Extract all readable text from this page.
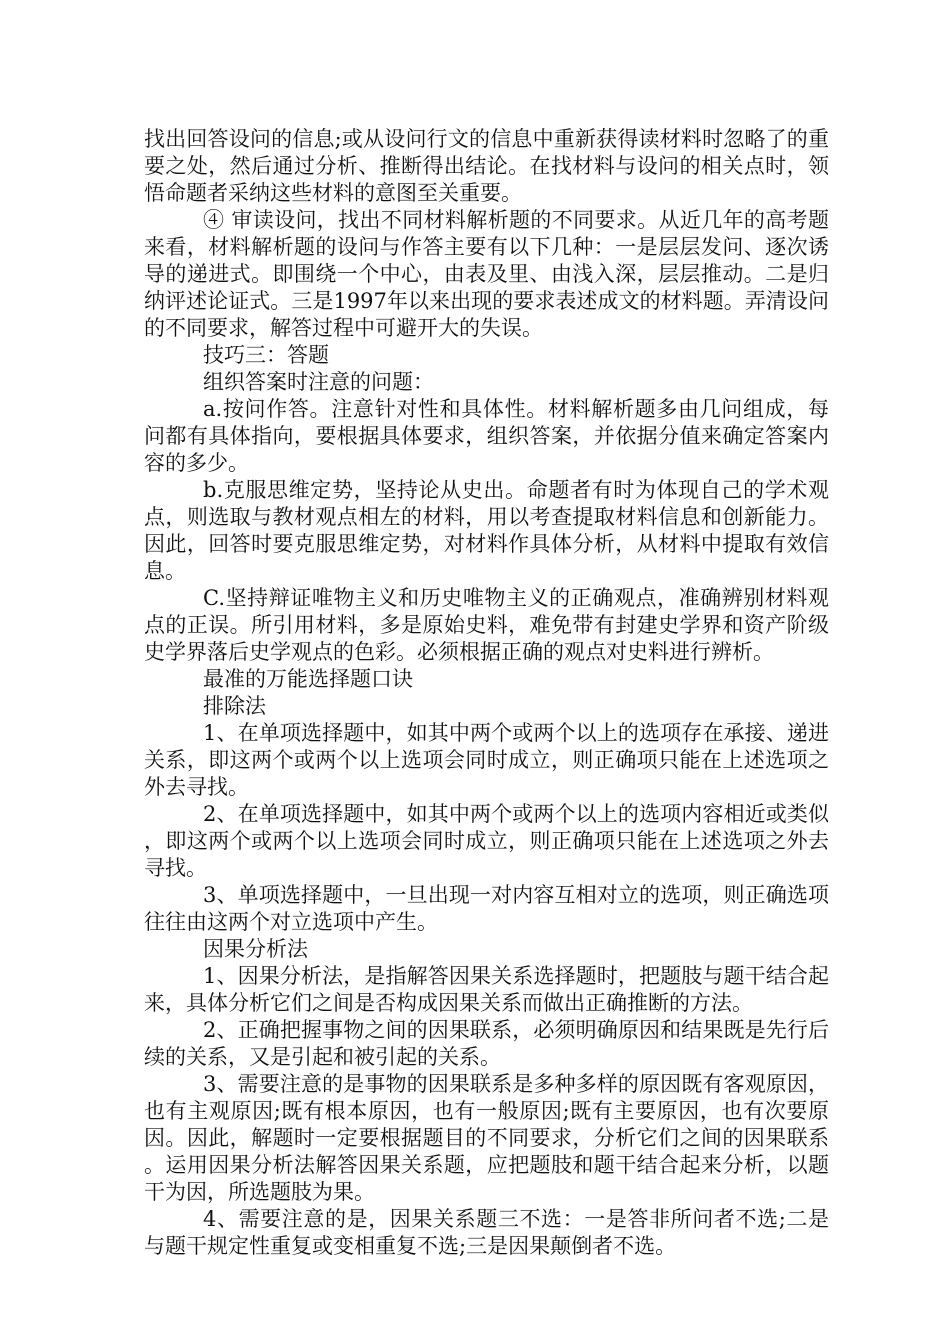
找出回答设问的信息;或从设问行文的信息中重新获得读材料时忽略了的重要之处，然后通过分析、推断得出结论。在找材料与设问的相关点时，领悟命题者采纳这些材料的意图至关重要。

④ 审读设问，找出不同材料解析题的不同要求。从近几年的高考题来看，材料解析题的设问与作答主要有以下几种：一是层层发问、逐次诱导的递进式。即围绕一个中心，由表及里、由浅入深，层层推动。二是归纳评述论证式。三是1997年以来出现的要求表述成文的材料题。弄清设问的不同要求，解答过程中可避开大的失误。

技巧三：答题

组织答案时注意的问题：

a.按问作答。注意针对性和具体性。材料解析题多由几问组成，每问都有具体指向，要根据具体要求，组织答案，并依据分值来确定答案内容的多少。

b.克服思维定势，坚持论从史出。命题者有时为体现自己的学术观点，则选取与教材观点相左的材料，用以考查提取材料信息和创新能力。因此，回答时要克服思维定势，对材料作具体分析，从材料中提取有效信息。

C.坚持辩证唯物主义和历史唯物主义的正确观点，准确辨别材料观点的正误。所引用材料，多是原始史料，难免带有封建史学界和资产阶级史学界落后史学观点的色彩。必须根据正确的观点对史料进行辨析。

最准的万能选择题口诀

排除法

1、在单项选择题中，如其中两个或两个以上的选项存在承接、递进关系，即这两个或两个以上选项会同时成立，则正确项只能在上述选项之外去寻找。

2、在单项选择题中，如其中两个或两个以上的选项内容相近或类似，即这两个或两个以上选项会同时成立，则正确项只能在上述选项之外去寻找。

3、单项选择题中，一旦出现一对内容互相对立的选项，则正确选项往往由这两个对立选项中产生。

因果分析法

1、因果分析法，是指解答因果关系选择题时，把题肢与题干结合起来，具体分析它们之间是否构成因果关系而做出正确推断的方法。

2、正确把握事物之间的因果联系，必须明确原因和结果既是先行后续的关系，又是引起和被引起的关系。

3、需要注意的是事物的因果联系是多种多样的原因既有客观原因，也有主观原因;既有根本原因，也有一般原因;既有主要原因，也有次要原因。因此，解题时一定要根据题目的不同要求，分析它们之间的因果联系。运用因果分析法解答因果关系题，应把题肢和题干结合起来分析，以题干为因，所选题肢为果。

4、需要注意的是，因果关系题三不选：一是答非所问者不选;二是与题干规定性重复或变相重复不选;三是因果颠倒者不选。
